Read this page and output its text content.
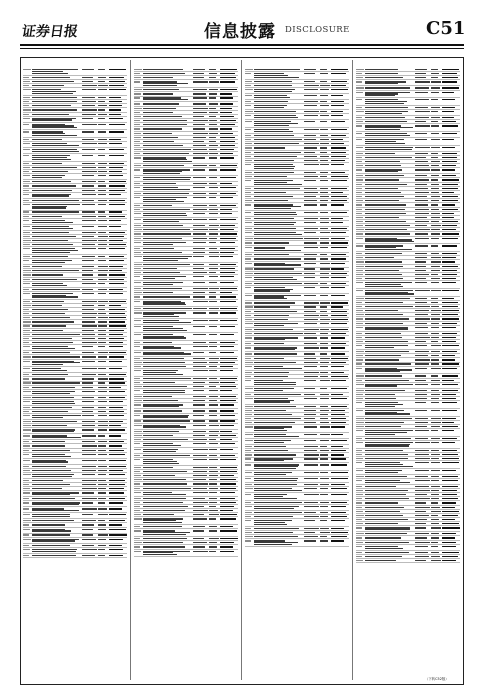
证券日报	信息披露 DISCLOSURE	C51
（下转C52版）
